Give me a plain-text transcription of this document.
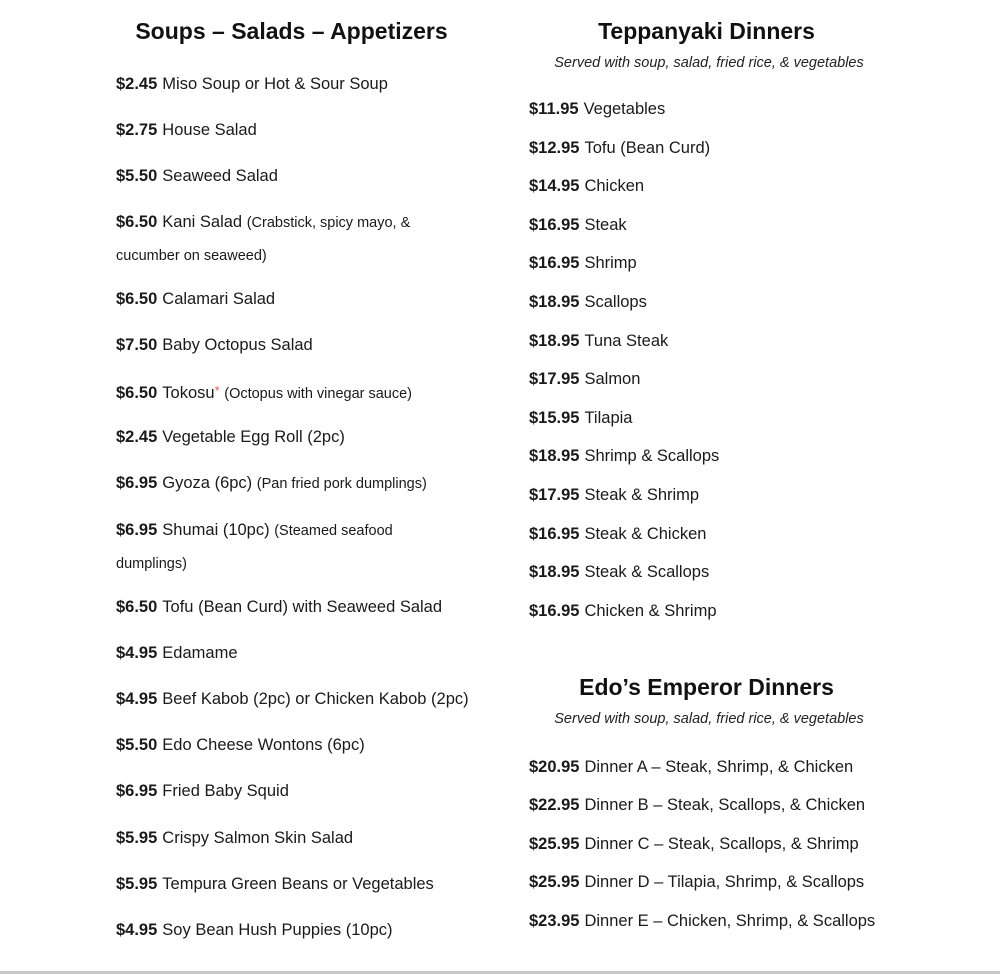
Soups – Salads – Appetizers
$2.45 Miso Soup or Hot & Sour Soup
$2.75 House Salad
$5.50 Seaweed Salad
$6.50 Kani Salad (Crabstick, spicy mayo, & cucumber on seaweed)
$6.50 Calamari Salad
$7.50 Baby Octopus Salad
$6.50 Tokosu* (Octopus with vinegar sauce)
$2.45 Vegetable Egg Roll (2pc)
$6.95 Gyoza (6pc) (Pan fried pork dumplings)
$6.95 Shumai (10pc) (Steamed seafood dumplings)
$6.50 Tofu (Bean Curd) with Seaweed Salad
$4.95 Edamame
$4.95 Beef Kabob (2pc) or Chicken Kabob (2pc)
$5.50 Edo Cheese Wontons (6pc)
$6.95 Fried Baby Squid
$5.95 Crispy Salmon Skin Salad
$5.95 Tempura Green Beans or Vegetables
$4.95 Soy Bean Hush Puppies (10pc)
Teppanyaki Dinners
Served with soup, salad, fried rice, & vegetables
$11.95 Vegetables
$12.95 Tofu (Bean Curd)
$14.95 Chicken
$16.95 Steak
$16.95 Shrimp
$18.95 Scallops
$18.95 Tuna Steak
$17.95 Salmon
$15.95 Tilapia
$18.95 Shrimp & Scallops
$17.95 Steak & Shrimp
$16.95 Steak & Chicken
$18.95 Steak & Scallops
$16.95 Chicken & Shrimp
Edo’s Emperor Dinners
Served with soup, salad, fried rice, & vegetables
$20.95 Dinner A – Steak, Shrimp, & Chicken
$22.95 Dinner B – Steak, Scallops, & Chicken
$25.95 Dinner C – Steak, Scallops, & Shrimp
$25.95 Dinner D – Tilapia, Shrimp, & Scallops
$23.95 Dinner E – Chicken, Shrimp, & Scallops
